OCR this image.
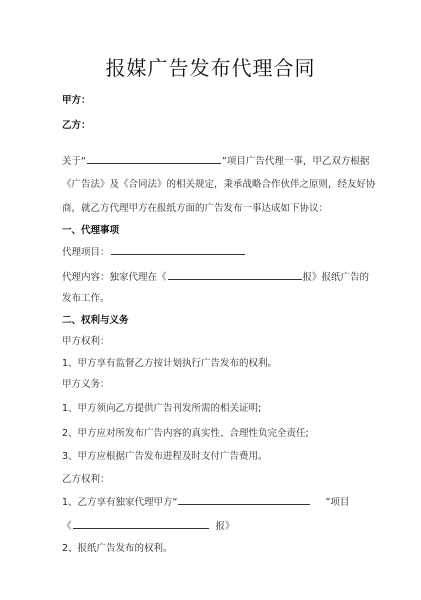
报媒广告发布代理合同
甲方：
乙方：
关于“	”项目广告代理一事，甲乙双方根据
《广告法》及《合同法》的相关规定，秉承战略合作伙伴之原则，经友好协
商，就乙方代理甲方在报纸方面的广告发布一事达成如下协议：
一、代理事项
代理项目：
代理内容：独家代理在《	报》报纸广告的
发布工作。
二、权利与义务
甲方权利：
1、甲方享有监督乙方按计划执行广告发布的权利。
甲方义务：
1、甲方须向乙方提供广告刊发所需的相关证明;
2、甲方应对所发布广告内容的真实性、合理性负完全责任;
3、甲方应根据广告发布进程及时支付广告费用。
乙方权利：
1、乙方享有独家代理甲方“	”项目
《	报》
2、报纸广告发布的权利。
